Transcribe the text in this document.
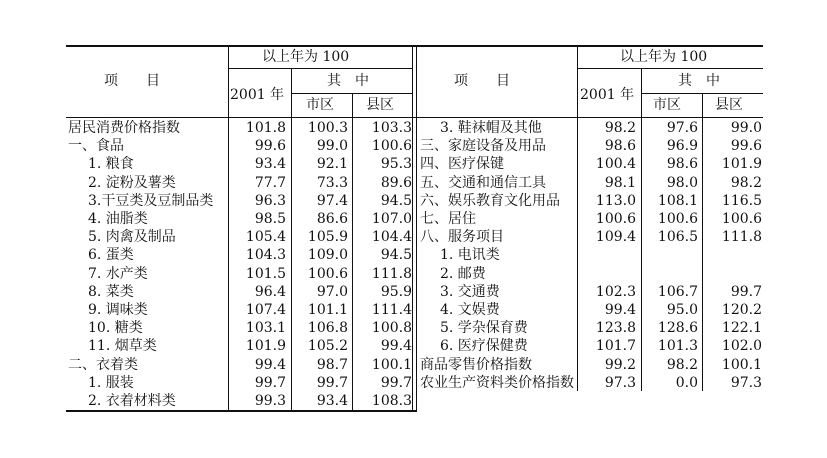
项　　目
以上年为 100
2001 年
其　中
市区 县区
项　　目
以上年为 100
2001 年
其　中
市区 县区
居民消费价格指数	101.8	100.3	103.3
一、食品	99.6	99.0	100.6
1. 粮食	93.4	92.1	95.3
2. 淀粉及薯类	77.7	73.3	89.6
3.干豆类及豆制品类	96.3	97.4	94.5
4. 油脂类	98.5	86.6	107.0
5. 肉禽及制品	105.4	105.9	104.4
6. 蛋类	104.3	109.0	94.5
7. 水产类	101.5	100.6	111.8
8. 菜类	96.4	97.0	95.9
9. 调味类	107.4	101.1	111.4
10. 糖类	103.1	106.8	100.8
11. 烟草类	101.9	105.2	99.4
二、衣着类	99.4	98.7	100.1
1. 服装	99.7	99.7	99.7
2. 衣着材料类	99.3	93.4	108.3
3. 鞋袜帽及其他	98.2	97.6	99.0
三、家庭设备及用品	98.6	96.9	99.6
四、医疗保键	100.4	98.6	101.9
五、交通和通信工具	98.1	98.0	98.2
六、娱乐教育文化用品	113.0	108.1	116.5
七、居住	100.6	100.6	100.6
八、服务项目	109.4	106.5	111.8
1. 电讯类
2. 邮费
3. 交通费	102.3	106.7	99.7
4. 文娱费	99.4	95.0	120.2
5. 学杂保育费	123.8	128.6	122.1
6. 医疗保健费	101.7	101.3	102.0
商品零售价格指数	99.2	98.2	100.1
农业生产资料类价格指数	97.3	0.0	97.3
